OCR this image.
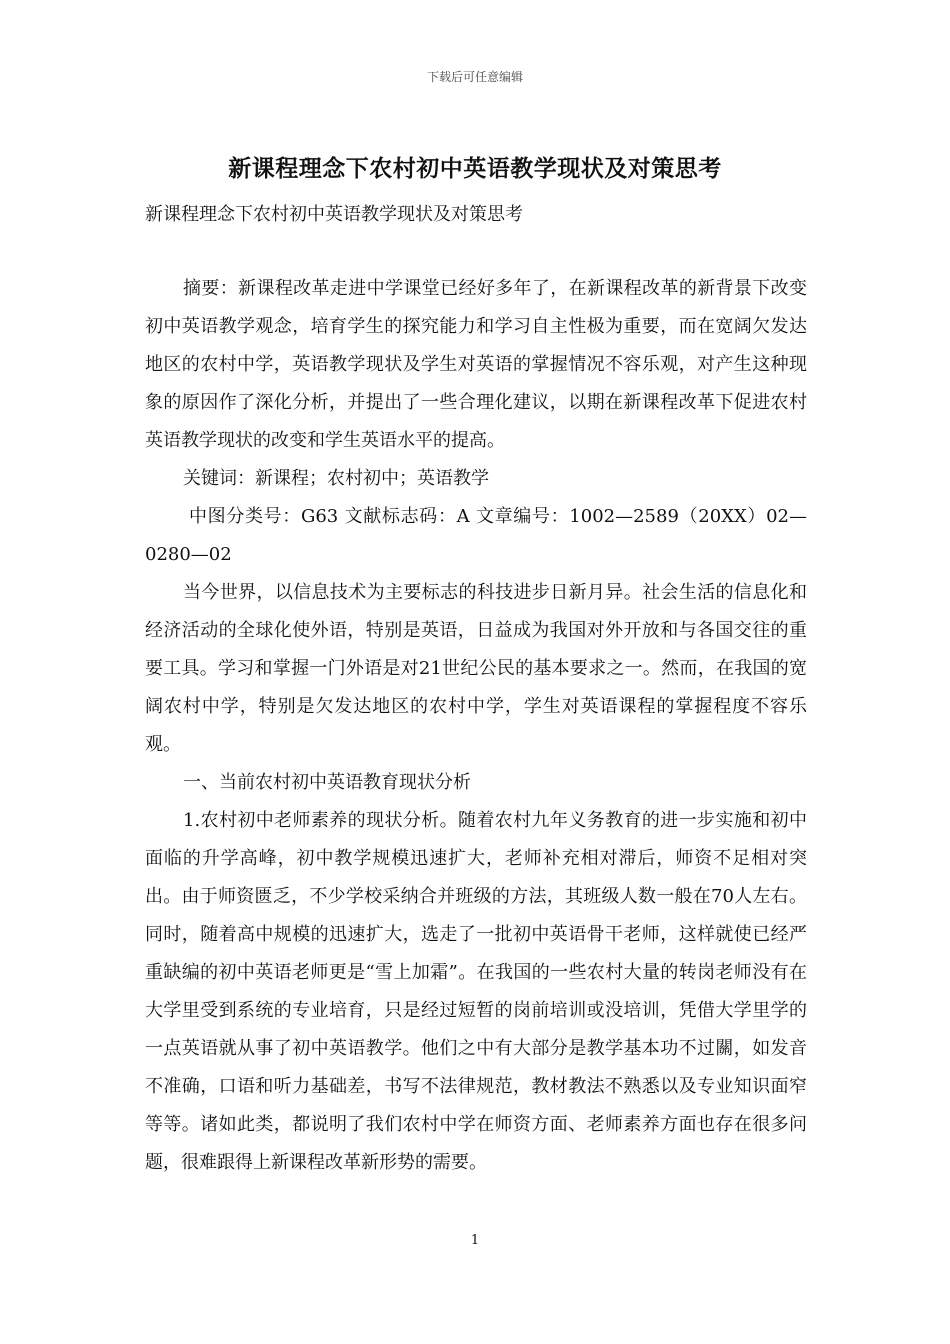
下载后可任意编辑
新课程理念下农村初中英语教学现状及对策思考
新课程理念下农村初中英语教学现状及对策思考

摘要：新课程改革走进中学课堂已经好多年了，在新课程改革的新背景下改变初中英语教学观念，培育学生的探究能力和学习自主性极为重要，而在宽阔欠发达地区的农村中学，英语教学现状及学生对英语的掌握情况不容乐观，对产生这种现象的原因作了深化分析，并提出了一些合理化建议，以期在新课程改革下促进农村英语教学现状的改变和学生英语水平的提高。

关键词：新课程；农村初中；英语教学

中图分类号：G63 文献标志码：A 文章编号：1002—2589（20XX）02—0280—02

当今世界，以信息技术为主要标志的科技进步日新月异。社会生活的信息化和经济活动的全球化使外语，特别是英语，日益成为我国对外开放和与各国交往的重要工具。学习和掌握一门外语是对21世纪公民的基本要求之一。然而，在我国的宽阔农村中学，特别是欠发达地区的农村中学，学生对英语课程的掌握程度不容乐观。

一、当前农村初中英语教育现状分析

1.农村初中老师素养的现状分析。随着农村九年义务教育的进一步实施和初中面临的升学高峰，初中教学规模迅速扩大，老师补充相对滞后，师资不足相对突出。由于师资匮乏，不少学校采纳合并班级的方法，其班级人数一般在70人左右。同时，随着高中规模的迅速扩大，选走了一批初中英语骨干老师，这样就使已经严重缺编的初中英语老师更是“雪上加霜”。在我国的一些农村大量的转岗老师没有在大学里受到系统的专业培育，只是经过短暂的岗前培训或没培训，凭借大学里学的一点英语就从事了初中英语教学。他们之中有大部分是教学基本功不过關，如发音不准确，口语和听力基础差，书写不法律规范，教材教法不熟悉以及专业知识面窄等等。诸如此类，都说明了我们农村中学在师资方面、老师素养方面也存在很多问题，很难跟得上新课程改革新形势的需要。

1
